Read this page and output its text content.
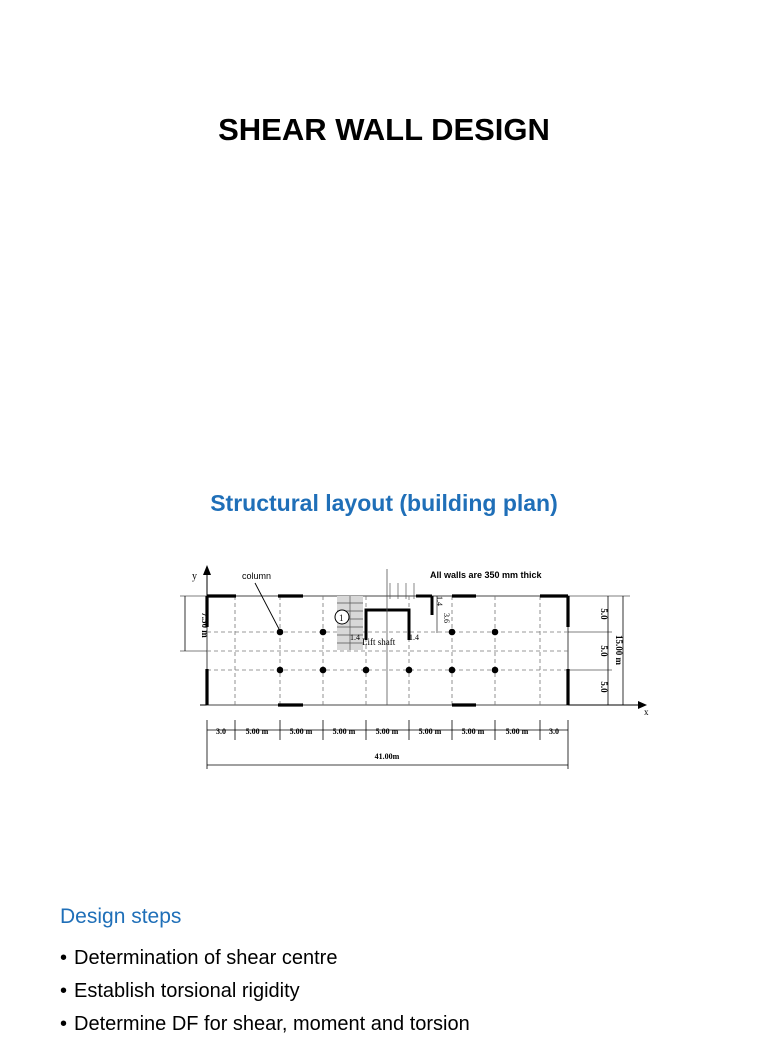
SHEAR WALL DESIGN
Structural layout (building plan)
y
x
column	All walls are 350 mm thick
1
Lift shaft
1.4	1.4
1.4
3.6
7.50 m	5.0
5.0
5.0
15.00 m
3.0 5.00 m	5.00 m	5.00 m	5.00 m	5.00 m	5.00 m	5.00 m	3.0
41.00m
Design steps
• Determination of shear centre
• Establish torsional rigidity
• Determine DF for shear, moment and torsion
